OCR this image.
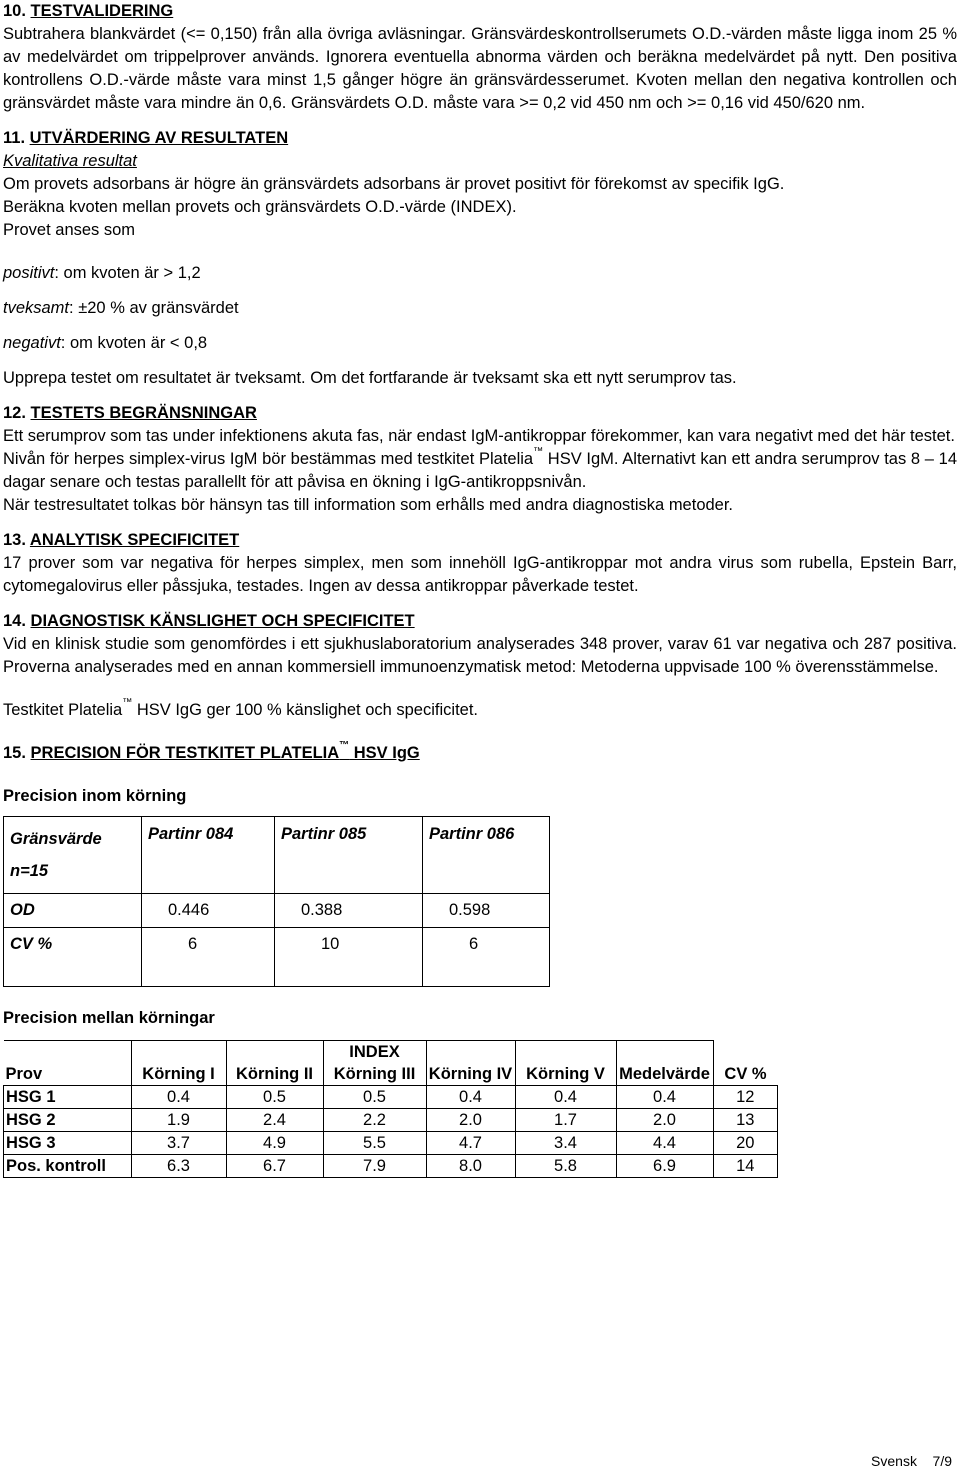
10. TESTVALIDERING

Subtrahera blankvärdet (<= 0,150) från alla övriga avläsningar. Gränsvärdeskontrollserumets O.D.-värden måste ligga inom 25 % av medelvärdet om trippelprover används. Ignorera eventuella abnorma värden och beräkna medelvärdet på nytt. Den positiva kontrollens O.D.-värde måste vara minst 1,5 gånger högre än gränsvärdesserumet. Kvoten mellan den negativa kontrollen och gränsvärdet måste vara mindre än 0,6. Gränsvärdets O.D. måste vara >= 0,2 vid 450 nm och >= 0,16 vid 450/620 nm.

11. UTVÄRDERING AV RESULTATEN

Kvalitativa resultat

Om provets adsorbans är högre än gränsvärdets adsorbans är provet positivt för förekomst av specifik IgG.

Beräkna kvoten mellan provets och gränsvärdets O.D.-värde (INDEX).

Provet anses som

positivt: om kvoten är > 1,2

tveksamt: ±20 % av gränsvärdet

negativt: om kvoten är < 0,8

Upprepa testet om resultatet är tveksamt. Om det fortfarande är tveksamt ska ett nytt serumprov tas.

12. TESTETS BEGRÄNSNINGAR

Ett serumprov som tas under infektionens akuta fas, när endast IgM-antikroppar förekommer, kan vara negativt med det här testet.

Nivån för herpes simplex-virus IgM bör bestämmas med testkitet Platelia™ HSV IgM. Alternativt kan ett andra serumprov tas 8 – 14 dagar senare och testas parallellt för att påvisa en ökning i IgG-antikroppsnivån.

När testresultatet tolkas bör hänsyn tas till information som erhålls med andra diagnostiska metoder.

13. ANALYTISK SPECIFICITET

17 prover som var negativa för herpes simplex, men som innehöll IgG-antikroppar mot andra virus som rubella, Epstein Barr, cytomegalovirus eller påssjuka, testades. Ingen av dessa antikroppar påverkade testet.

14. DIAGNOSTISK KÄNSLIGHET OCH SPECIFICITET

Vid en klinisk studie som genomfördes i ett sjukhuslaboratorium analyserades 348 prover, varav 61 var negativa och 287 positiva. Proverna analyserades med en annan kommersiell immunoenzymatisk metod: Metoderna uppvisade 100 % överensstämmelse.

Testkitet Platelia™ HSV IgG ger 100 % känslighet och specificitet.

15. PRECISION FÖR TESTKITET PLATELIA™ HSV IgG

Precision inom körning

Gränsvärde
n=15	Partinr 084	Partinr 085	Partinr 086
OD	0.446	0.388	0.598
CV %	6	10	6

Precision mellan körningar

			INDEX				
Prov	Körning I	Körning II	Körning III	Körning IV	Körning V	Medelvärde	CV %
HSG 1	0.4	0.5	0.5	0.4	0.4	0.4	12
HSG 2	1.9	2.4	2.2	2.0	1.7	2.0	13
HSG 3	3.7	4.9	5.5	4.7	3.4	4.4	20
Pos. kontroll	6.3	6.7	7.9	8.0	5.8	6.9	14
Svensk 7/9
